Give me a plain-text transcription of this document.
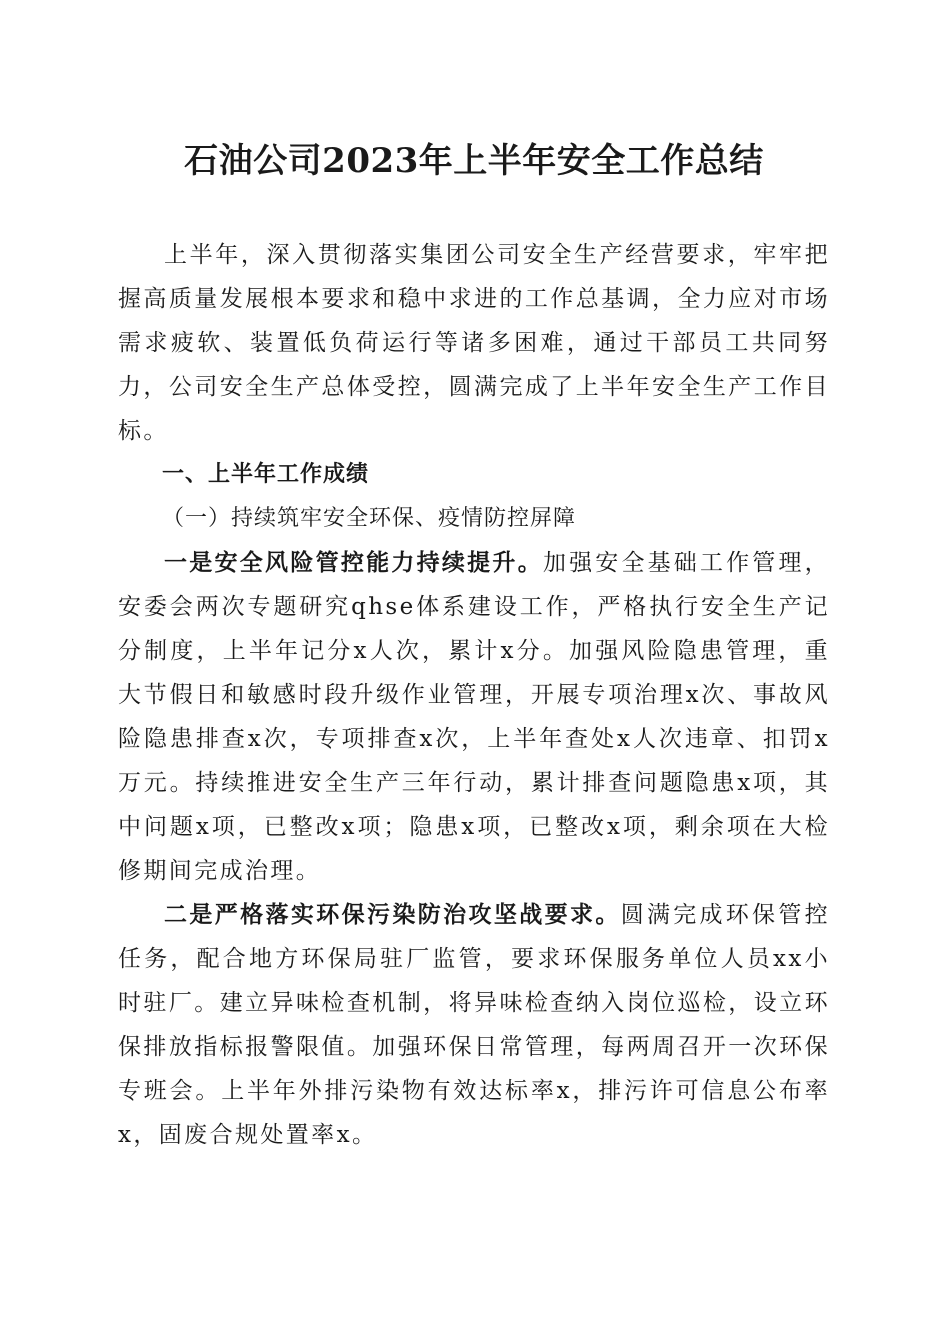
石油公司2023年上半年安全工作总结

上半年，深入贯彻落实集团公司安全生产经营要求，牢牢把握高质量发展根本要求和稳中求进的工作总基调，全力应对市场需求疲软、装置低负荷运行等诸多困难，通过干部员工共同努力，公司安全生产总体受控，圆满完成了上半年安全生产工作目标。

一、上半年工作成绩

（一）持续筑牢安全环保、疫情防控屏障

一是安全风险管控能力持续提升。加强安全基础工作管理，安委会两次专题研究qhse体系建设工作，严格执行安全生产记分制度，上半年记分x人次，累计x分。加强风险隐患管理，重大节假日和敏感时段升级作业管理，开展专项治理x次、事故风险隐患排查x次，专项排查x次，上半年查处x人次违章、扣罚x万元。持续推进安全生产三年行动，累计排查问题隐患x项，其中问题x项，已整改x项；隐患x项，已整改x项，剩余项在大检修期间完成治理。

二是严格落实环保污染防治攻坚战要求。圆满完成环保管控任务，配合地方环保局驻厂监管，要求环保服务单位人员xx小时驻厂。建立异味检查机制，将异味检查纳入岗位巡检，设立环保排放指标报警限值。加强环保日常管理，每两周召开一次环保专班会。上半年外排污染物有效达标率x，排污许可信息公布率x，固废合规处置率x。
